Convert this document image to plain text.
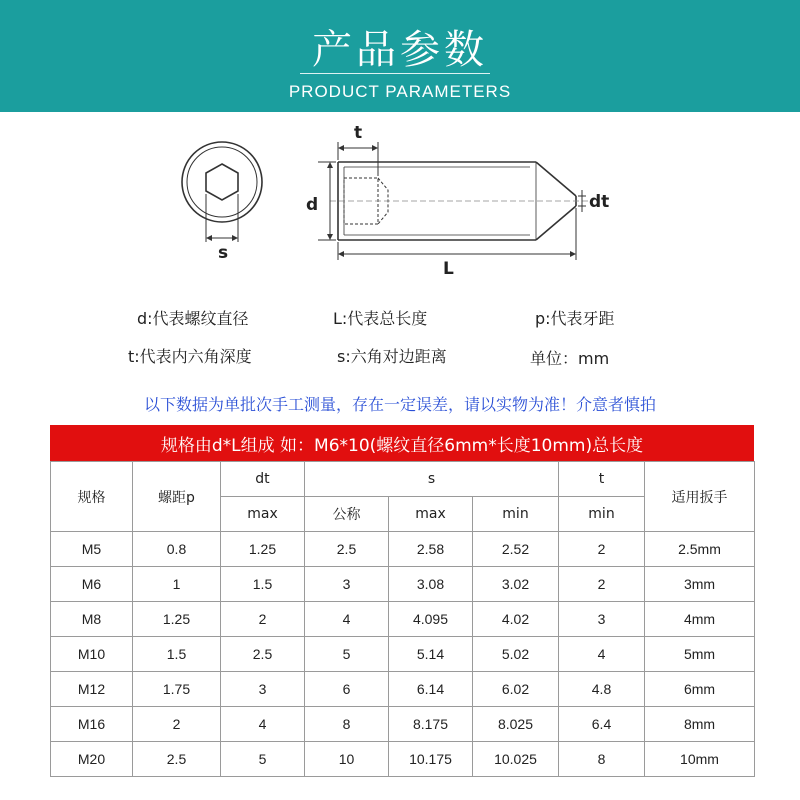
产品参数
PRODUCT PARAMETERS
s
t
d	dt
L
d:代表螺纹直径	L:代表总长度	p:代表牙距
t:代表内六角深度	s:六角对边距离	单位：mm
以下数据为单批次手工测量，存在一定误差，请以实物为准！介意者慎拍
规格由d*L组成 如：M6*10(螺纹直径6mm*长度10mm)总长度
规格	螺距p	dt	s			t	适用扳手
		max	公称	max	min	min	
M5	0.8	1.25	2.5	2.58	2.52	2	2.5mm
M6	1	1.5	3	3.08	3.02	2	3mm
M8	1.25	2	4	4.095	4.02	3	4mm
M10	1.5	2.5	5	5.14	5.02	4	5mm
M12	1.75	3	6	6.14	6.02	4.8	6mm
M16	2	4	8	8.175	8.025	6.4	8mm
M20	2.5	5	10	10.175	10.025	8	10mm
